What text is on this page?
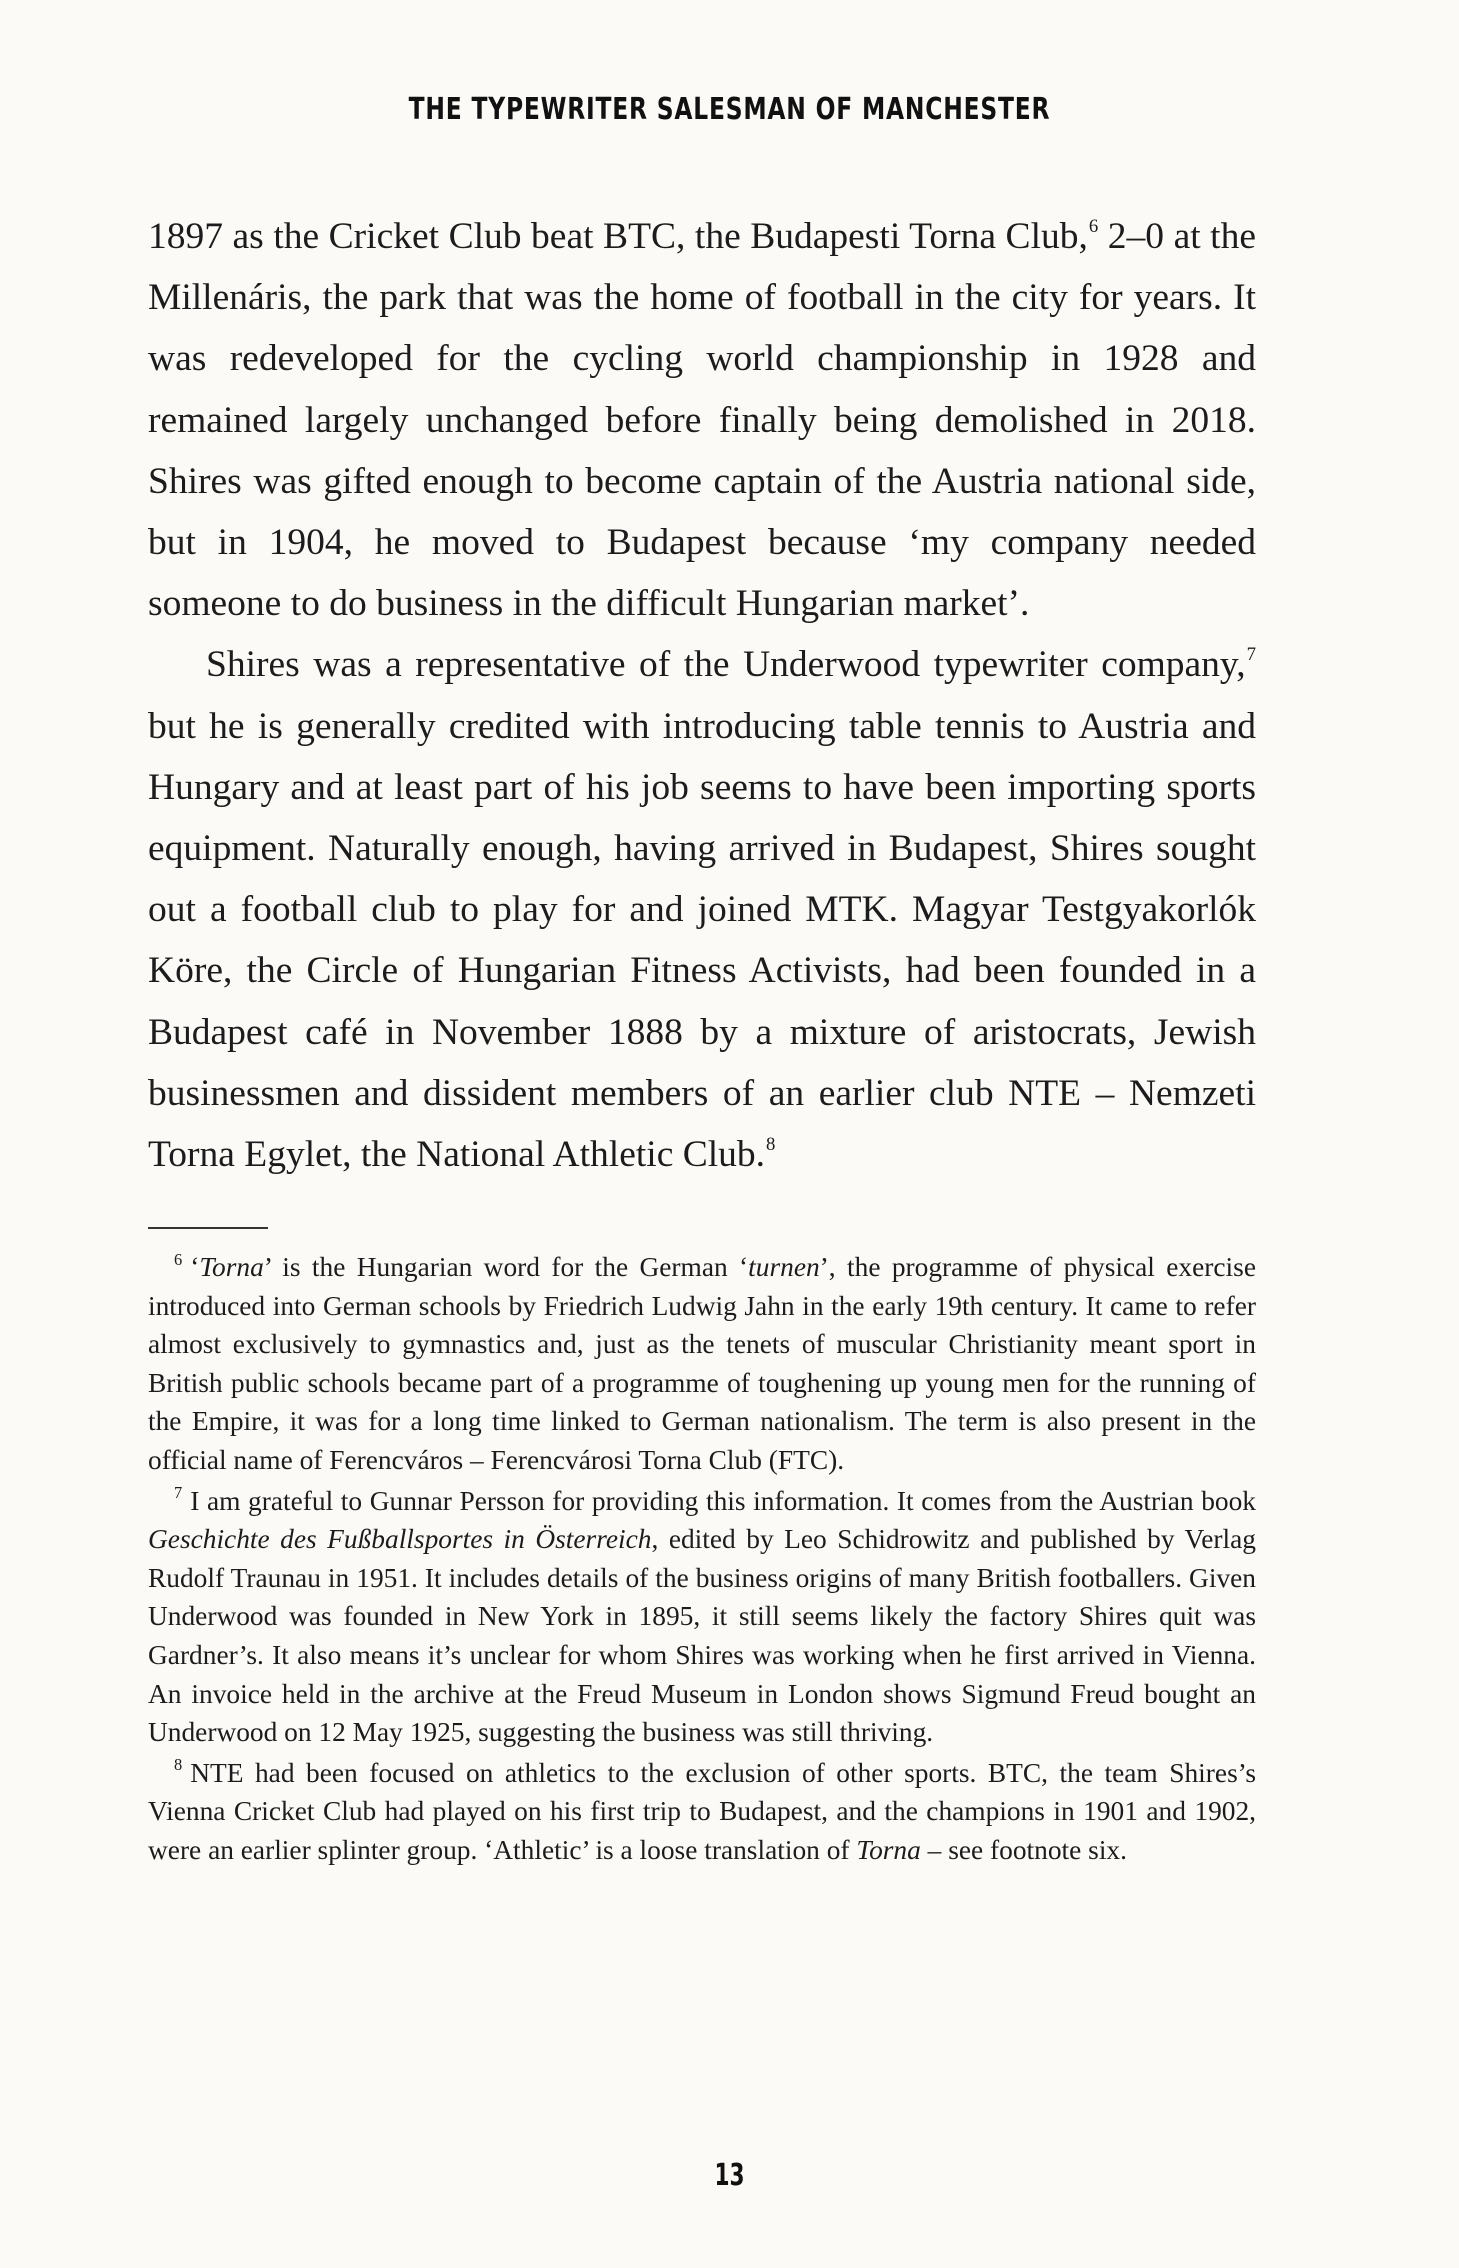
THE TYPEWRITER SALESMAN OF MANCHESTER

1897 as the Cricket Club beat BTC, the Budapesti Torna Club,$^6$ 2–0 at the Millenáris, the park that was the home of football in the city for years. It was redeveloped for the cycling world championship in 1928 and remained largely unchanged before finally being demolished in 2018. Shires was gifted enough to become captain of the Austria national side, but in 1904, he moved to Budapest because ‘my company needed someone to do business in the difficult Hungarian market’.

Shires was a representative of the Underwood typewriter company,$^7$ but he is generally credited with introducing table tennis to Austria and Hungary and at least part of his job seems to have been importing sports equipment. Naturally enough, having arrived in Budapest, Shires sought out a football club to play for and joined MTK. Magyar Testgyakorlók Köre, the Circle of Hungarian Fitness Activists, had been founded in a Budapest café in November 1888 by a mixture of aristocrats, Jewish businessmen and dissident members of an earlier club NTE – Nemzeti Torna Egylet, the National Athletic Club.$^8$

$^6$ ‘Torna’ is the Hungarian word for the German ‘turnen’, the programme of physical exercise introduced into German schools by Friedrich Ludwig Jahn in the early 19th century. It came to refer almost exclusively to gymnastics and, just as the tenets of muscular Christianity meant sport in British public schools became part of a programme of toughening up young men for the running of the Empire, it was for a long time linked to German nationalism. The term is also present in the official name of Ferencváros – Ferencvárosi Torna Club (FTC).

$^7$ I am grateful to Gunnar Persson for providing this information. It comes from the Austrian book Geschichte des Fußballsportes in Österreich, edited by Leo Schidrowitz and published by Verlag Rudolf Traunau in 1951. It includes details of the business origins of many British footballers. Given Underwood was founded in New York in 1895, it still seems likely the factory Shires quit was Gardner’s. It also means it’s unclear for whom Shires was working when he first arrived in Vienna. An invoice held in the archive at the Freud Museum in London shows Sigmund Freud bought an Underwood on 12 May 1925, suggesting the business was still thriving.

$^8$ NTE had been focused on athletics to the exclusion of other sports. BTC, the team Shires’s Vienna Cricket Club had played on his first trip to Budapest, and the champions in 1901 and 1902, were an earlier splinter group. ‘Athletic’ is a loose translation of Torna – see footnote six.

13
